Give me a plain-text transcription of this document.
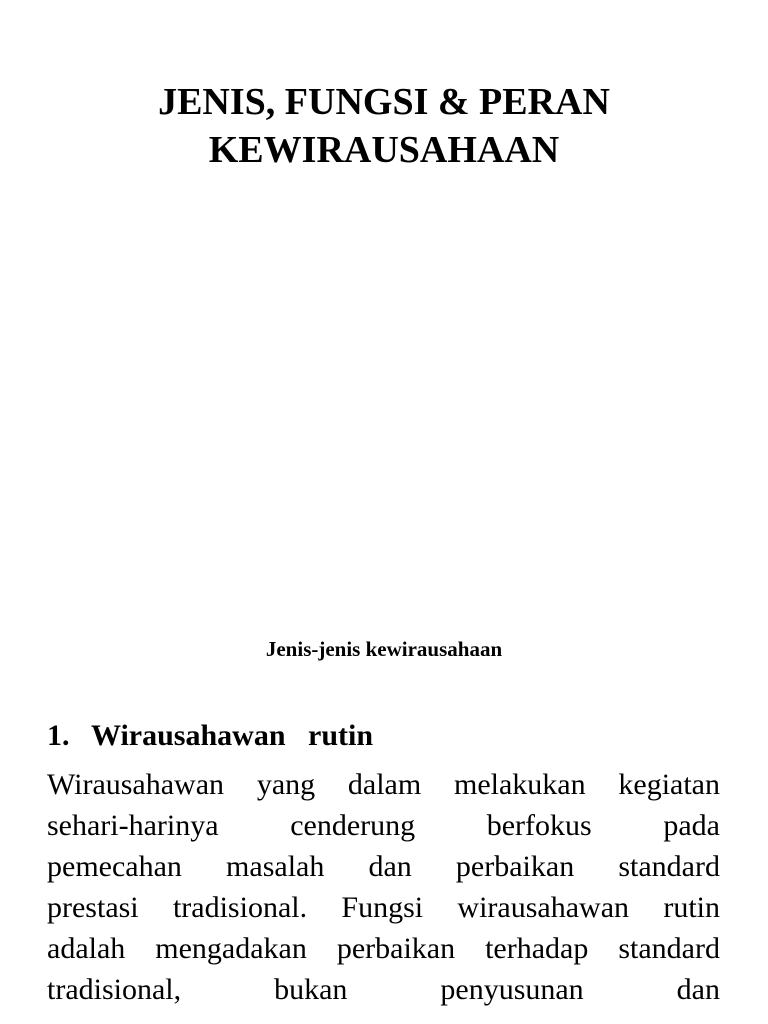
JENIS, FUNGSI & PERAN
KEWIRAUSAHAAN
Jenis-jenis kewirausahaan
1. Wirausahawan   rutin
Wirausahawan yang dalam melakukan kegiatan
sehari-harinya cenderung berfokus pada
pemecahan masalah dan perbaikan standard
prestasi tradisional. Fungsi wirausahawan rutin
adalah mengadakan perbaikan terhadap standard
tradisional,	bukan	penyusunan	dan
